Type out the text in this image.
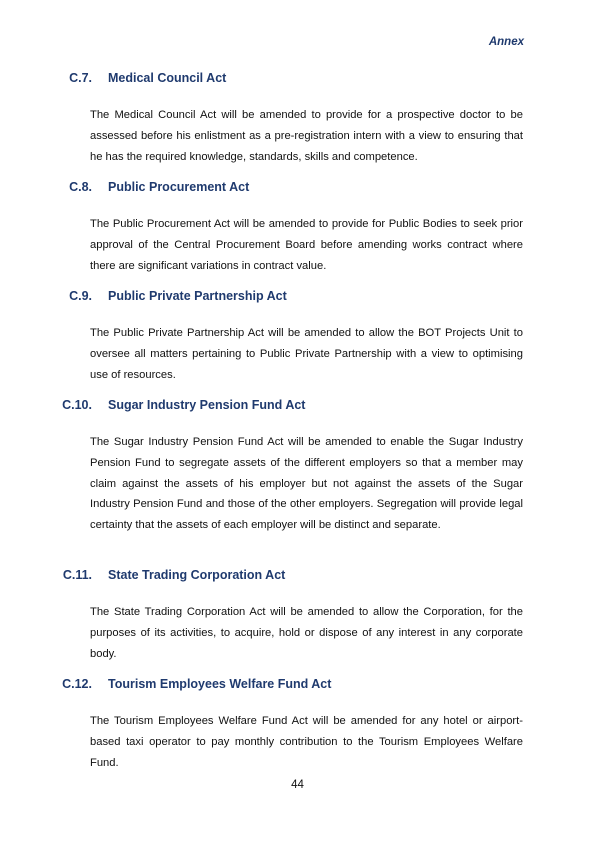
Annex
C.7. Medical Council Act
The Medical Council Act will be amended to provide for a prospective doctor to be assessed before his enlistment as a pre-registration intern with a view to ensuring that he has the required knowledge, standards, skills and competence.
C.8. Public Procurement Act
The Public Procurement Act will be amended to provide for Public Bodies to seek prior approval of the Central Procurement Board before amending works contract where there are significant variations in contract value.
C.9. Public Private Partnership Act
The Public Private Partnership Act will be amended to allow the BOT Projects Unit to oversee all matters pertaining to Public Private Partnership with a view to optimising use of resources.
C.10. Sugar Industry Pension Fund Act
The Sugar Industry Pension Fund Act will be amended to enable the Sugar Industry Pension Fund to segregate assets of the different employers so that a member may claim against the assets of his employer but not against the assets of the Sugar Industry Pension Fund and those of the other employers. Segregation will provide legal certainty that the assets of each employer will be distinct and separate.
C.11. State Trading Corporation Act
The State Trading Corporation Act will be amended to allow the Corporation, for the purposes of its activities, to acquire, hold or dispose of any interest in any corporate body.
C.12. Tourism Employees Welfare Fund Act
The Tourism Employees Welfare Fund Act will be amended for any hotel or airport-based taxi operator to pay monthly contribution to the Tourism Employees Welfare Fund.
44
